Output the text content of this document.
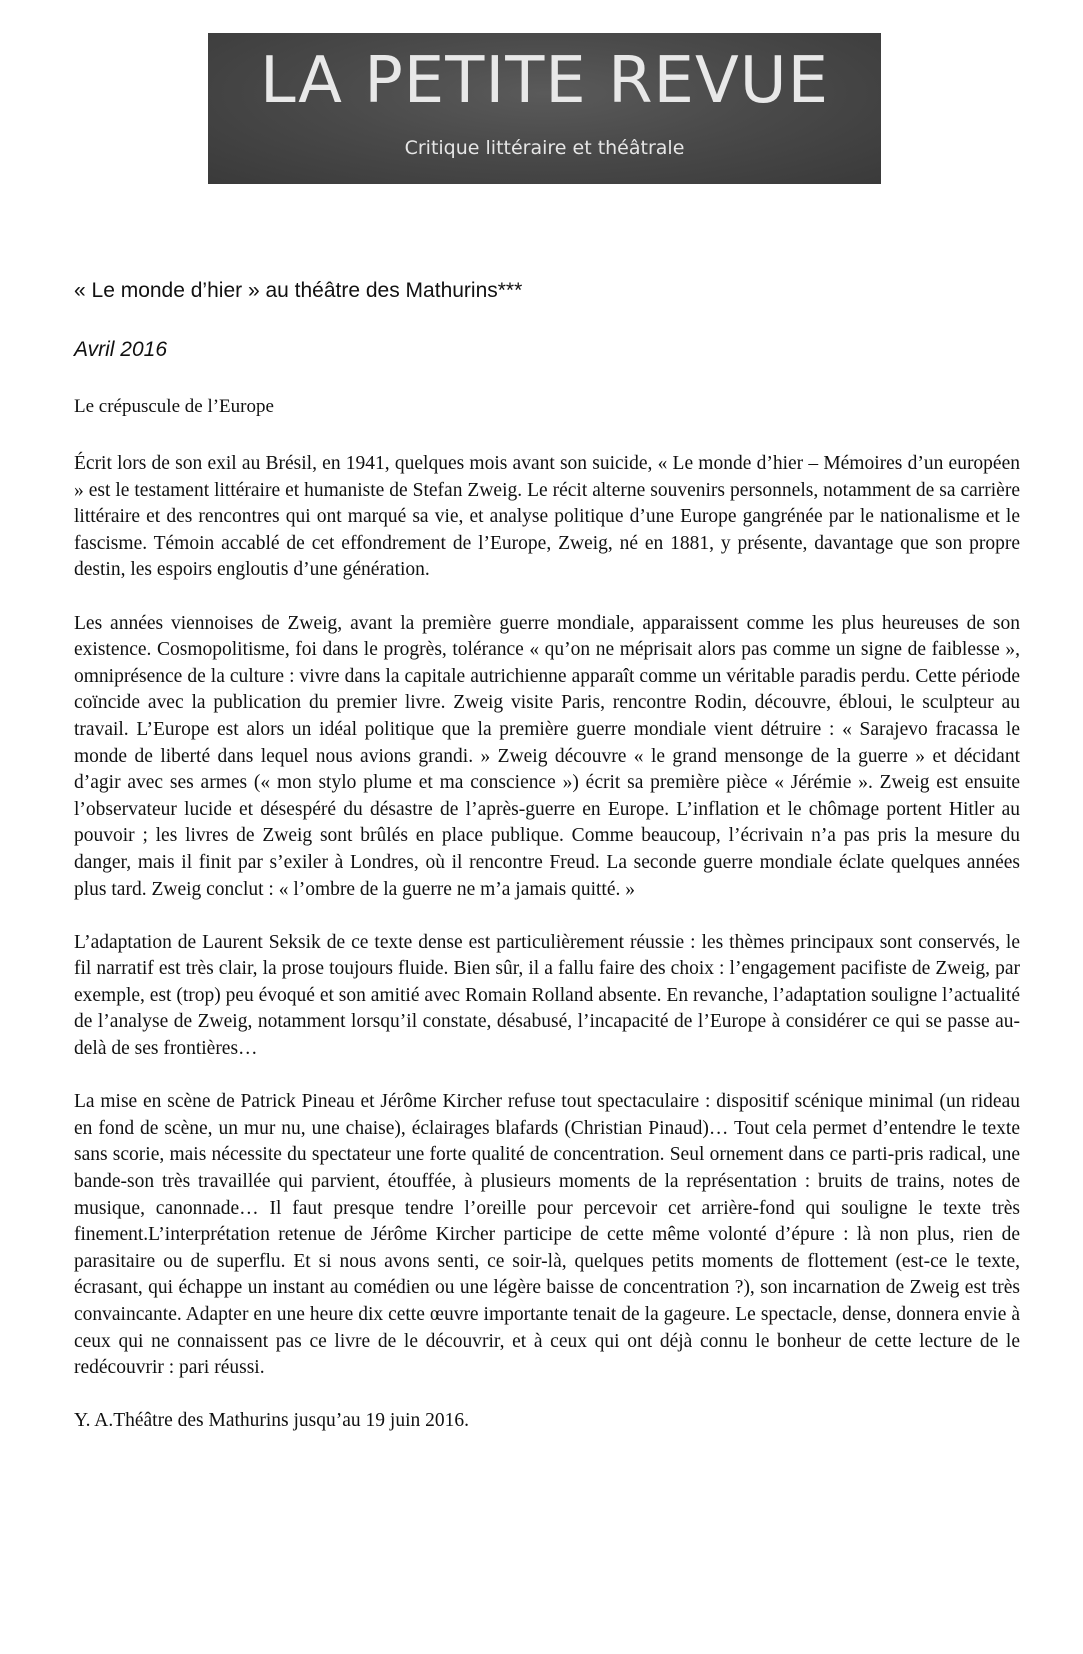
LA PETITE REVUE
Critique littéraire et théâtrale
« Le monde d’hier » au théâtre des Mathurins***
Avril 2016
Le crépuscule de l’Europe

Écrit lors de son exil au Brésil, en 1941, quelques mois avant son suicide, « Le monde d’hier – Mémoires d’un européen » est le testament littéraire et humaniste de Stefan Zweig. Le récit alterne souvenirs personnels, notamment de sa carrière littéraire et des rencontres qui ont marqué sa vie, et analyse politique d’une Europe gangrénée par le nationalisme et le fascisme. Témoin accablé de cet effondrement de l’Europe, Zweig, né en 1881, y présente, davantage que son propre destin, les espoirs engloutis d’une génération.

Les années viennoises de Zweig, avant la première guerre mondiale, apparaissent comme les plus heureuses de son existence. Cosmopolitisme, foi dans le progrès, tolérance « qu’on ne méprisait alors pas comme un signe de faiblesse », omniprésence de la culture : vivre dans la capitale autrichienne apparaît comme un véritable paradis perdu. Cette période coïncide avec la publication du premier livre. Zweig visite Paris, rencontre Rodin, découvre, ébloui, le sculpteur au travail. L’Europe est alors un idéal politique que la première guerre mondiale vient détruire : « Sarajevo fracassa le monde de liberté dans lequel nous avions grandi. » Zweig découvre « le grand mensonge de la guerre » et décidant d’agir avec ses armes (« mon stylo plume et ma conscience ») écrit sa première pièce « Jérémie ». Zweig est ensuite l’observateur lucide et désespéré du désastre de l’après-guerre en Europe. L’inflation et le chômage portent Hitler au pouvoir ; les livres de Zweig sont brûlés en place publique. Comme beaucoup, l’écrivain n’a pas pris la mesure du danger, mais il finit par s’exiler à Londres, où il rencontre Freud. La seconde guerre mondiale éclate quelques années plus tard. Zweig conclut : « l’ombre de la guerre ne m’a jamais quitté. »

L’adaptation de Laurent Seksik de ce texte dense est particulièrement réussie : les thèmes principaux sont conservés, le fil narratif est très clair, la prose toujours fluide. Bien sûr, il a fallu faire des choix : l’engagement pacifiste de Zweig, par exemple, est (trop) peu évoqué et son amitié avec Romain Rolland absente. En revanche, l’adaptation souligne l’actualité de l’analyse de Zweig, notamment lorsqu’il constate, désabusé, l’incapacité de l’Europe à considérer ce qui se passe au-delà de ses frontières…

La mise en scène de Patrick Pineau et Jérôme Kircher refuse tout spectaculaire : dispositif scénique minimal (un rideau en fond de scène, un mur nu, une chaise), éclairages blafards (Christian Pinaud)… Tout cela permet d’entendre le texte sans scorie, mais nécessite du spectateur une forte qualité de concentration. Seul ornement dans ce parti-pris radical, une bande-son très travaillée qui parvient, étouffée, à plusieurs moments de la représentation : bruits de trains, notes de musique, canonnade… Il faut presque tendre l’oreille pour percevoir cet arrière-fond qui souligne le texte très finement.L’interprétation retenue de Jérôme Kircher participe de cette même volonté d’épure : là non plus, rien de parasitaire ou de superflu. Et si nous avons senti, ce soir-là, quelques petits moments de flottement (est-ce le texte, écrasant, qui échappe un instant au comédien ou une légère baisse de concentration ?), son incarnation de Zweig est très convaincante. Adapter en une heure dix cette œuvre importante tenait de la gageure. Le spectacle, dense, donnera envie à ceux qui ne connaissent pas ce livre de le découvrir, et à ceux qui ont déjà connu le bonheur de cette lecture de le redécouvrir : pari réussi.

Y. A.Théâtre des Mathurins jusqu’au 19 juin 2016.
